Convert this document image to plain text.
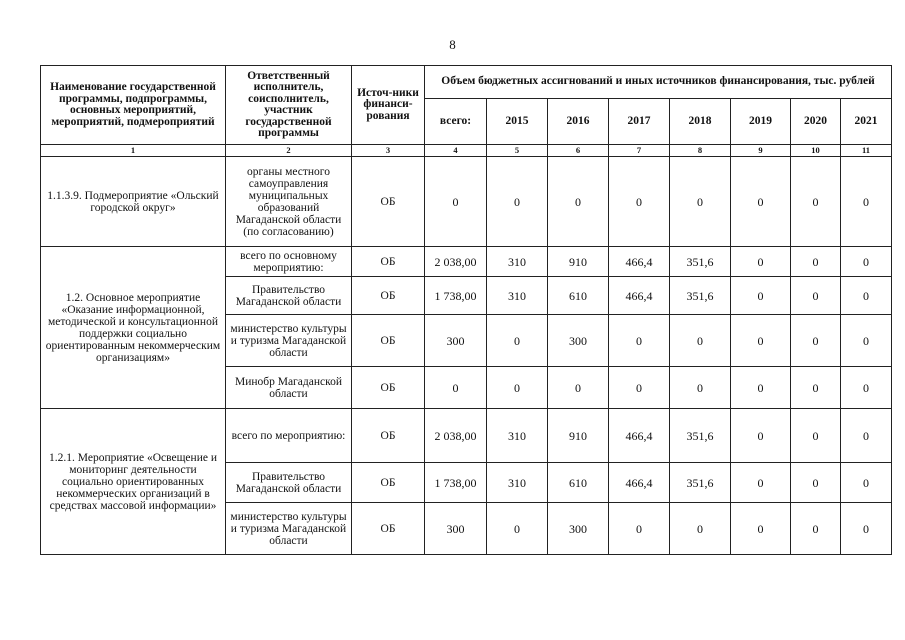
8
Наименование государственной программы, подпрограммы, основных мероприятий, мероприятий, подмероприятий	Ответственный исполнитель, соисполнитель, участник государственной программы	Источ-ники финанси-рования	Объем бюджетных ассигнований и иных источников финансирования, тыс. рублей							
			всего:	2015	2016	2017	2018	2019	2020	2021
1	2	3	4	5	6	7	8	9	10	11
1.1.3.9. Подмероприятие «Ольский городской округ»	органы местного самоуправления муниципальных образований Магаданской области (по согласованию)	ОБ	0	0	0	0	0	0	0	0
1.2. Основное мероприятие «Оказание информационной, методической и консультационной поддержки социально ориентированным некоммерческим организациям»	всего по основному мероприятию:	ОБ	2 038,00	310	910	466,4	351,6	0	0	0
	Правительство Магаданской области	ОБ	1 738,00	310	610	466,4	351,6	0	0	0
	министерство культуры и туризма Магаданской области	ОБ	300	0	300	0	0	0	0	0
	Минобр Магаданской области	ОБ	0	0	0	0	0	0	0	0
1.2.1. Мероприятие «Освещение и мониторинг деятельности социально ориентированных некоммерческих организаций в средствах массовой информации»	всего по мероприятию:	ОБ	2 038,00	310	910	466,4	351,6	0	0	0
	Правительство Магаданской области	ОБ	1 738,00	310	610	466,4	351,6	0	0	0
	министерство культуры и туризма Магаданской области	ОБ	300	0	300	0	0	0	0	0
